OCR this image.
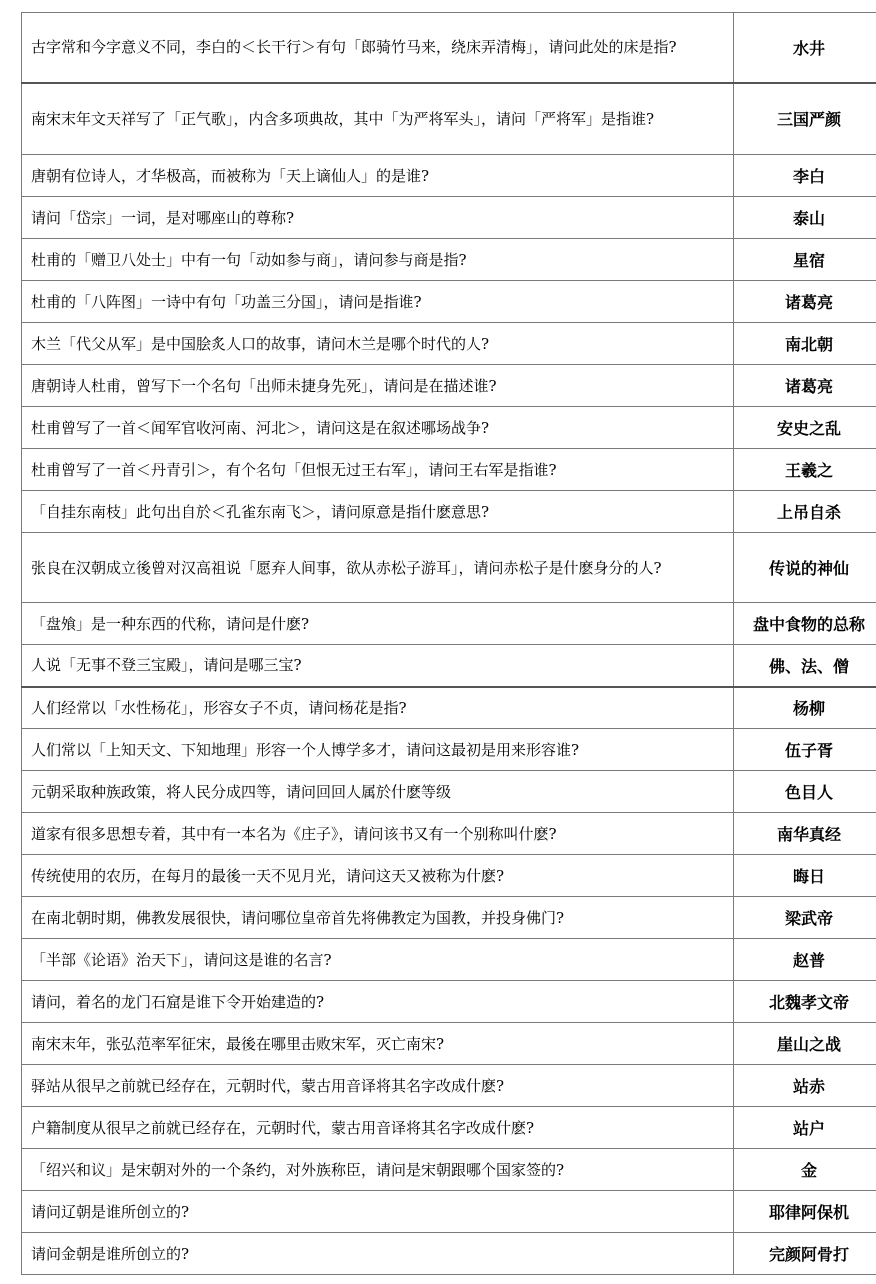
古字常和今字意义不同，李白的＜长干行＞有句「郎骑竹马来，绕床弄清梅」，请问此处的床是指?	水井
南宋末年文天祥写了「正气歌」，内含多项典故，其中「为严将军头」，请问「严将军」是指谁?	三国严颜
唐朝有位诗人，才华极高，而被称为「天上谪仙人」的是谁?	李白
请问「岱宗」一词，是对哪座山的尊称?	泰山
杜甫的「赠卫八处士」中有一句「动如参与商」，请问参与商是指?	星宿
杜甫的「八阵图」一诗中有句「功盖三分国」，请问是指谁?	诸葛亮
木兰「代父从军」是中国脍炙人口的故事，请问木兰是哪个时代的人?	南北朝
唐朝诗人杜甫，曾写下一个名句「出师未捷身先死」，请问是在描述谁?	诸葛亮
杜甫曾写了一首＜闻军官收河南、河北＞，请问这是在叙述哪场战争?	安史之乱
杜甫曾写了一首＜丹青引＞，有个名句「但恨无过王右军」，请问王右军是指谁?	王羲之
「自挂东南枝」此句出自於＜孔雀东南飞＞，请问原意是指什麽意思?	上吊自杀
张良在汉朝成立後曾对汉高祖说「愿弃人间事，欲从赤松子游耳」，请问赤松子是什麽身分的人?	传说的神仙
「盘飧」是一种东西的代称，请问是什麽?	盘中食物的总称
人说「无事不登三宝殿」，请问是哪三宝?	佛、法、僧
人们经常以「水性杨花」，形容女子不贞，请问杨花是指?	杨柳
人们常以「上知天文、下知地理」形容一个人博学多才，请问这最初是用来形容谁?	伍子胥
元朝采取种族政策，将人民分成四等，请问回回人属於什麽等级	色目人
道家有很多思想专着，其中有一本名为《庄子》，请问该书又有一个别称叫什麽?	南华真经
传统使用的农历，在每月的最後一天不见月光，请问这天又被称为什麽?	晦日
在南北朝时期，佛教发展很快，请问哪位皇帝首先将佛教定为国教，并投身佛门?	梁武帝
「半部《论语》治天下」，请问这是谁的名言?	赵普
请问，着名的龙门石窟是谁下令开始建造的?	北魏孝文帝
南宋末年，张弘范率军征宋，最後在哪里击败宋军，灭亡南宋?	崖山之战
驿站从很早之前就已经存在，元朝时代，蒙古用音译将其名字改成什麽?	站赤
户籍制度从很早之前就已经存在，元朝时代，蒙古用音译将其名字改成什麽?	站户
「绍兴和议」是宋朝对外的一个条约，对外族称臣，请问是宋朝跟哪个国家签的?	金
请问辽朝是谁所创立的?	耶律阿保机
请问金朝是谁所创立的?	完颜阿骨打
